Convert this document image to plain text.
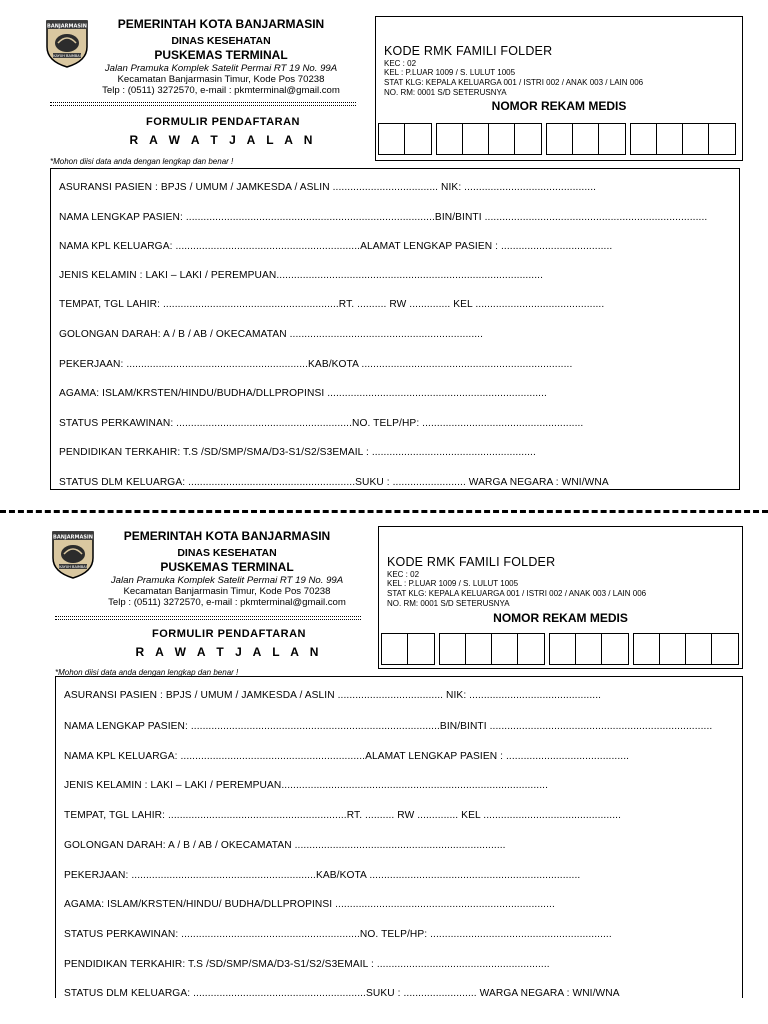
BANJARMASIN
KAYUH BAIMBAI
PEMERINTAH KOTA BANJARMASIN
DINAS KESEHATAN
PUSKEMAS TERMINAL
Jalan Pramuka Komplek Satelit Permai RT 19 No. 99A
Kecamatan Banjarmasin Timur, Kode Pos 70238
Telp : (0511) 3272570, e-mail : pkmterminal@gmail.com
FORMULIR PENDAFTARAN
R A W A T J A L A N
*Mohon diisi data anda dengan lengkap dan benar !
KODE RMK FAMILI FOLDER
KEC : 02
KEL : P.LUAR 1009 / S. LULUT 1005
STAT KLG: KEPALA KELUARGA 001 / ISTRI 002 / ANAK 003 / LAIN 006
NO. RM: 0001 S/D SETERUSNYA
NOMOR REKAM MEDIS
ASURANSI PASIEN : BPJS / UMUM / JAMKESDA / ASLIN .................................... NIK: .............................................
NAMA LENGKAP PASIEN: .....................................................................................BIN/BINTI ............................................................................
NAMA KPL KELUARGA: ...............................................................ALAMAT LENGKAP PASIEN : ......................................
JENIS KELAMIN : LAKI – LAKI / PEREMPUAN...........................................................................................
TEMPAT, TGL LAHIR: ............................................................RT. .......... RW .............. KEL ............................................
GOLONGAN DARAH: A / B / AB / OKECAMATAN ..................................................................
PEKERJAAN: ..............................................................KAB/KOTA ........................................................................
AGAMA: ISLAM/KRSTEN/HINDU/BUDHA/DLLPROPINSI ...........................................................................
STATUS PERKAWINAN: ............................................................NO. TELP/HP: .......................................................
PENDIDIKAN TERKAHIR: T.S /SD/SMP/SMA/D3-S1/S2/S3EMAIL : ........................................................
STATUS DLM KELUARGA: .........................................................SUKU : ......................... WARGA NEGARA : WNI/WNA
BANJARMASIN
KAYUH BAIMBAI
PEMERINTAH KOTA BANJARMASIN
DINAS KESEHATAN
PUSKEMAS TERMINAL
Jalan Pramuka Komplek Satelit Permai RT 19 No. 99A
Kecamatan Banjarmasin Timur, Kode Pos 70238
Telp : (0511) 3272570, e-mail : pkmterminal@gmail.com
FORMULIR PENDAFTARAN
R A W A T J A L A N
*Mohon diisi data anda dengan lengkap dan benar !
KODE RMK FAMILI FOLDER
KEC : 02
KEL : P.LUAR 1009 / S. LULUT 1005
STAT KLG: KEPALA KELUARGA 001 / ISTRI 002 / ANAK 003 / LAIN 006
NO. RM: 0001 S/D SETERUSNYA
NOMOR REKAM MEDIS
ASURANSI PASIEN : BPJS / UMUM / JAMKESDA / ASLIN .................................... NIK: .............................................
NAMA LENGKAP PASIEN: .....................................................................................BIN/BINTI ............................................................................
NAMA KPL KELUARGA: ...............................................................ALAMAT LENGKAP PASIEN : ..........................................
JENIS KELAMIN : LAKI – LAKI / PEREMPUAN...........................................................................................
TEMPAT, TGL LAHIR: .............................................................RT. .......... RW .............. KEL ...............................................
GOLONGAN DARAH: A / B / AB / OKECAMATAN ........................................................................
PEKERJAAN: ...............................................................KAB/KOTA ........................................................................
AGAMA: ISLAM/KRSTEN/HINDU/ BUDHA/DLLPROPINSI ...........................................................................
STATUS PERKAWINAN: .............................................................NO. TELP/HP: ..............................................................
PENDIDIKAN TERKAHIR: T.S /SD/SMP/SMA/D3-S1/S2/S3EMAIL : ...........................................................
STATUS DLM KELUARGA: ...........................................................SUKU : ......................... WARGA NEGARA : WNI/WNA
